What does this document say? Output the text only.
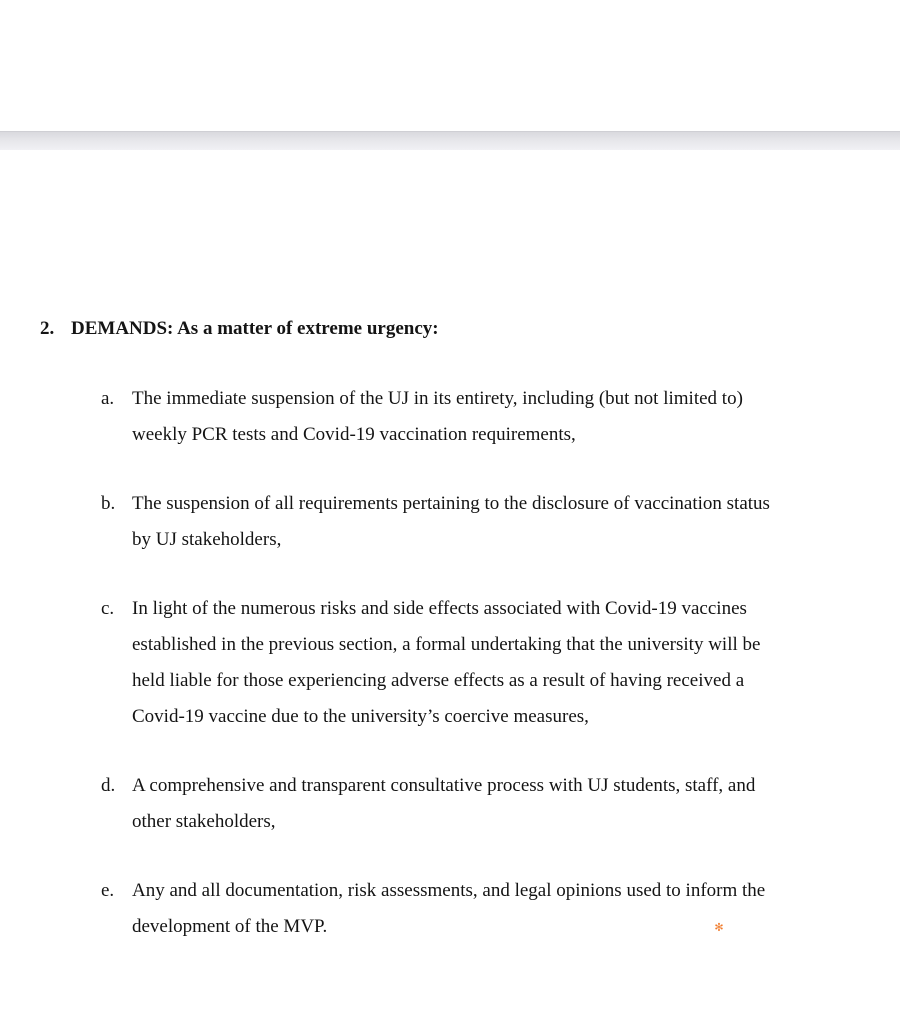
2. DEMANDS: As a matter of extreme urgency:
a. The immediate suspension of the UJ in its entirety, including (but not limited to)
weekly PCR tests and Covid-19 vaccination requirements,
b. The suspension of all requirements pertaining to the disclosure of vaccination status
by UJ stakeholders,
c. In light of the numerous risks and side effects associated with Covid-19 vaccines
established in the previous section, a formal undertaking that the university will be
held liable for those experiencing adverse effects as a result of having received a
Covid-19 vaccine due to the university’s coercive measures,
d. A comprehensive and transparent consultative process with UJ students, staff, and
other stakeholders,
e. Any and all documentation, risk assessments, and legal opinions used to inform the
development of the MVP.	✻
